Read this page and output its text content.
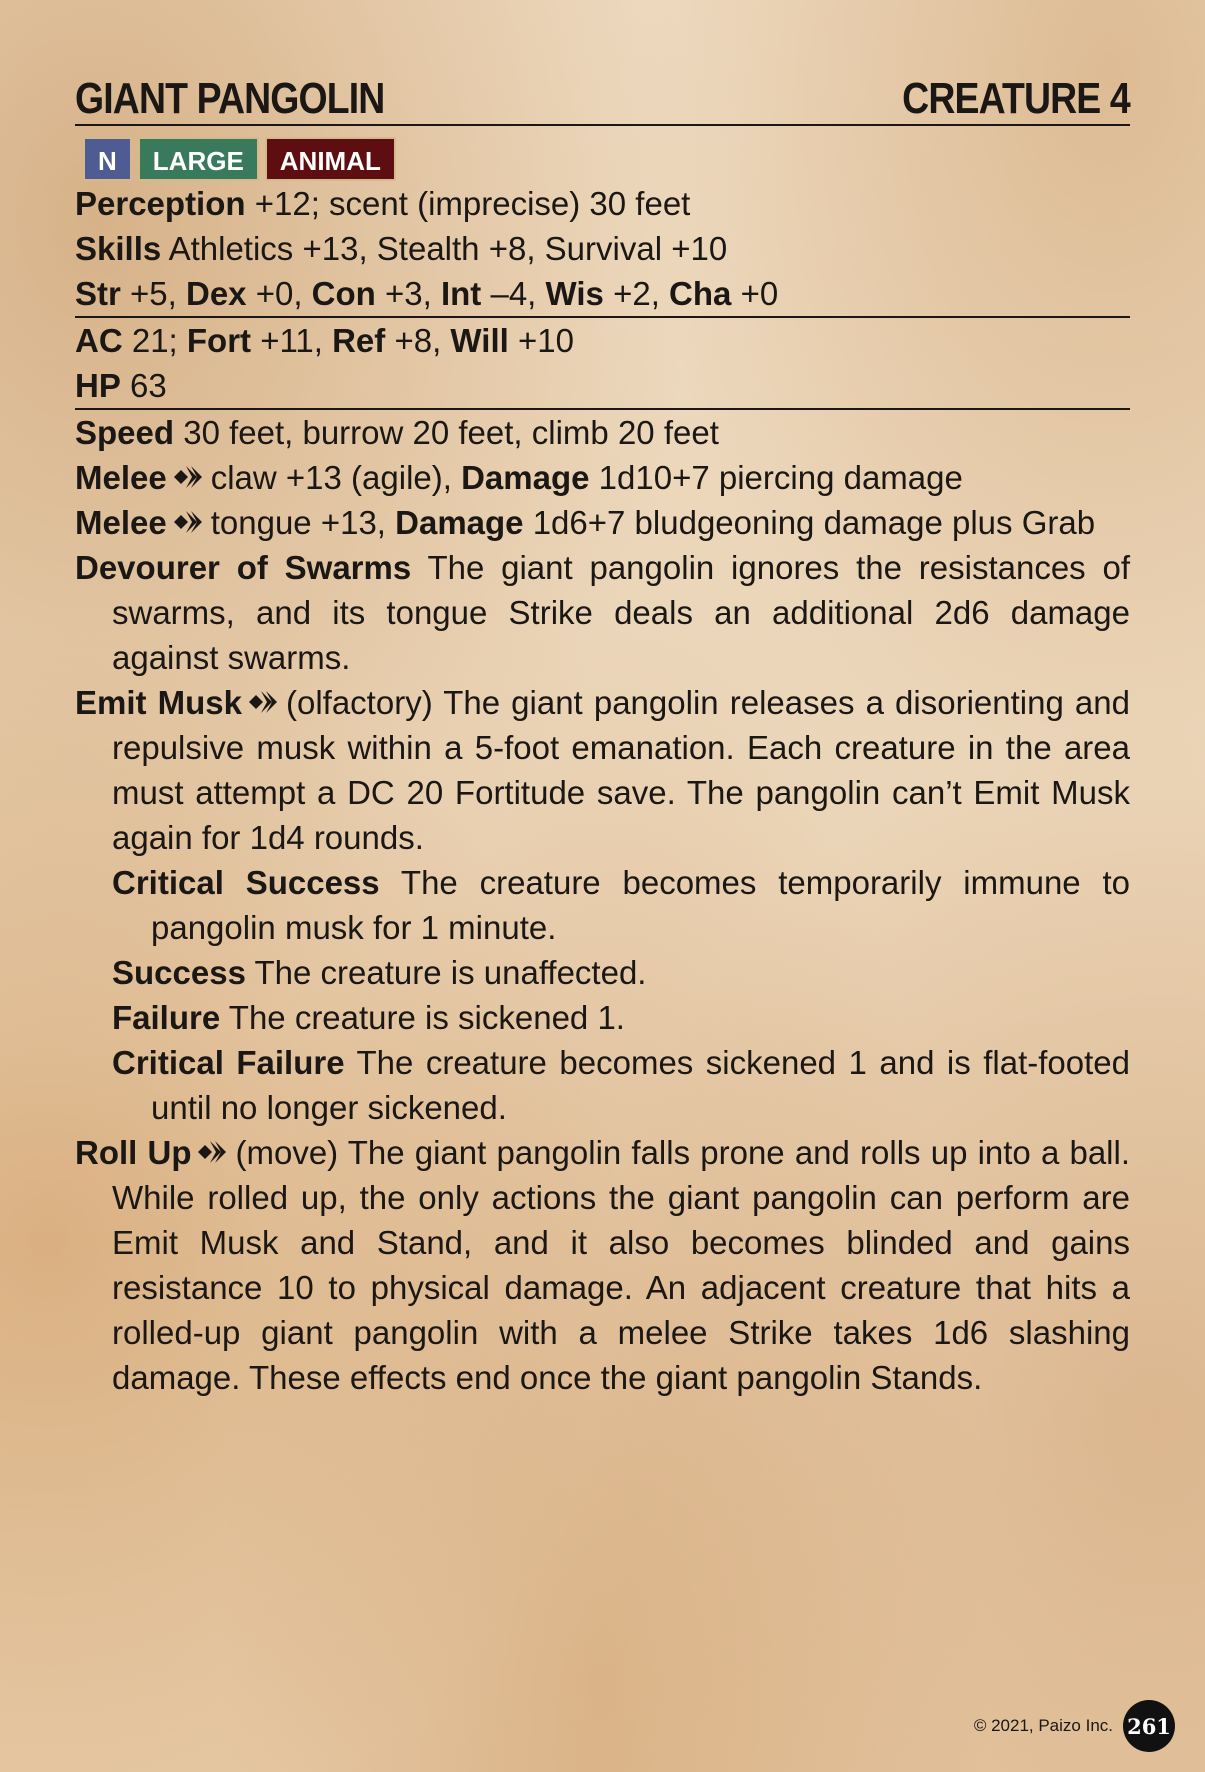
GIANT PANGOLIN	CREATURE 4
N	LARGE	ANIMAL
Perception +12; scent (imprecise) 30 feet
Skills Athletics +13, Stealth +8, Survival +10
Str +5, Dex +0, Con +3, Int –4, Wis +2, Cha +0
AC 21; Fort +11, Ref +8, Will +10
HP 63
Speed 30 feet, burrow 20 feet, climb 20 feet
Melee claw +13 (agile), Damage 1d10+7 piercing damage
Melee tongue +13, Damage 1d6+7 bludgeoning damage plus Grab
Devourer of Swarms The giant pangolin ignores the resistances of swarms, and its tongue Strike deals an additional 2d6 damage against swarms.
Emit Musk (olfactory) The giant pangolin releases a disorienting and repulsive musk within a 5-foot emanation. Each creature in the area must attempt a DC 20 Fortitude save. The pangolin can’t Emit Musk again for 1d4 rounds.
Critical Success The creature becomes temporarily immune to pangolin musk for 1 minute.
Success The creature is unaffected.
Failure The creature is sickened 1.
Critical Failure The creature becomes sickened 1 and is flat-footed until no longer sickened.
Roll Up (move) The giant pangolin falls prone and rolls up into a ball. While rolled up, the only actions the giant pangolin can perform are Emit Musk and Stand, and it also becomes blinded and gains resistance 10 to physical damage. An adjacent creature that hits a rolled-up giant pangolin with a melee Strike takes 1d6 slashing damage. These effects end once the giant pangolin Stands.
© 2021, Paizo Inc. 261
